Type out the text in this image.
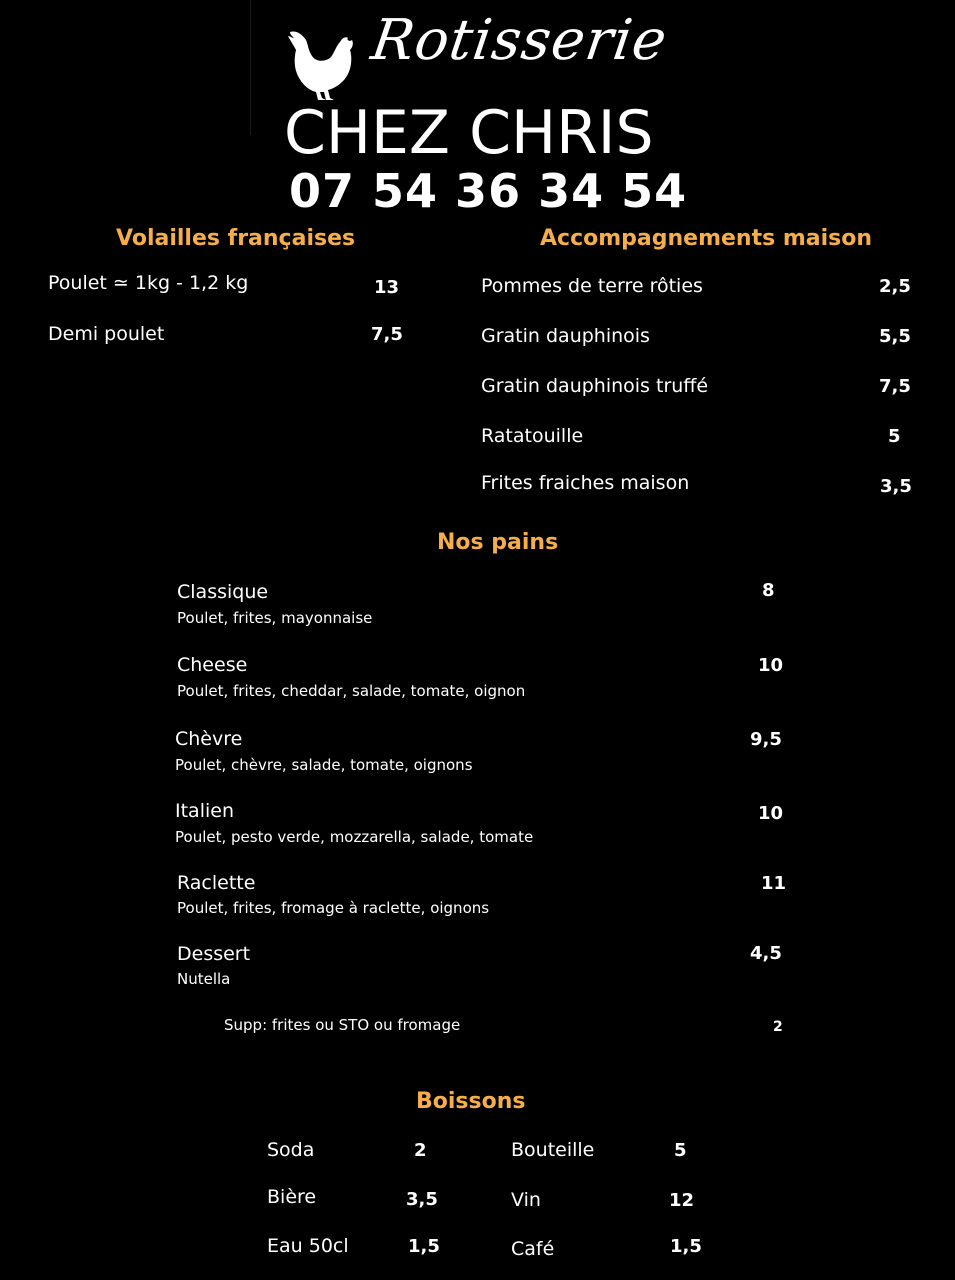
Rotisserie
CHEZ CHRIS
07 54 36 34 54
Volailles françaises
Poulet ≃ 1kg - 1,2 kg	13
Demi poulet	7,5
Accompagnements maison
Pommes de terre rôties	2,5
Gratin dauphinois	5,5
Gratin dauphinois truffé	7,5
Ratatouille	5
Frites fraiches maison	3,5
Nos pains
Classique
Poulet, frites, mayonnaise
8
Cheese
Poulet, frites, cheddar, salade, tomate, oignon
10
Chèvre
Poulet, chèvre, salade, tomate, oignons
9,5
Italien
Poulet, pesto verde, mozzarella, salade, tomate
10
Raclette
Poulet, frites, fromage à raclette, oignons
11
Dessert
Nutella
4,5
Supp: frites ou STO ou fromage	2
Boissons
Soda	2
Bière	3,5
Eau 50cl	1,5
Bouteille	5
Vin	12
Café	1,5
